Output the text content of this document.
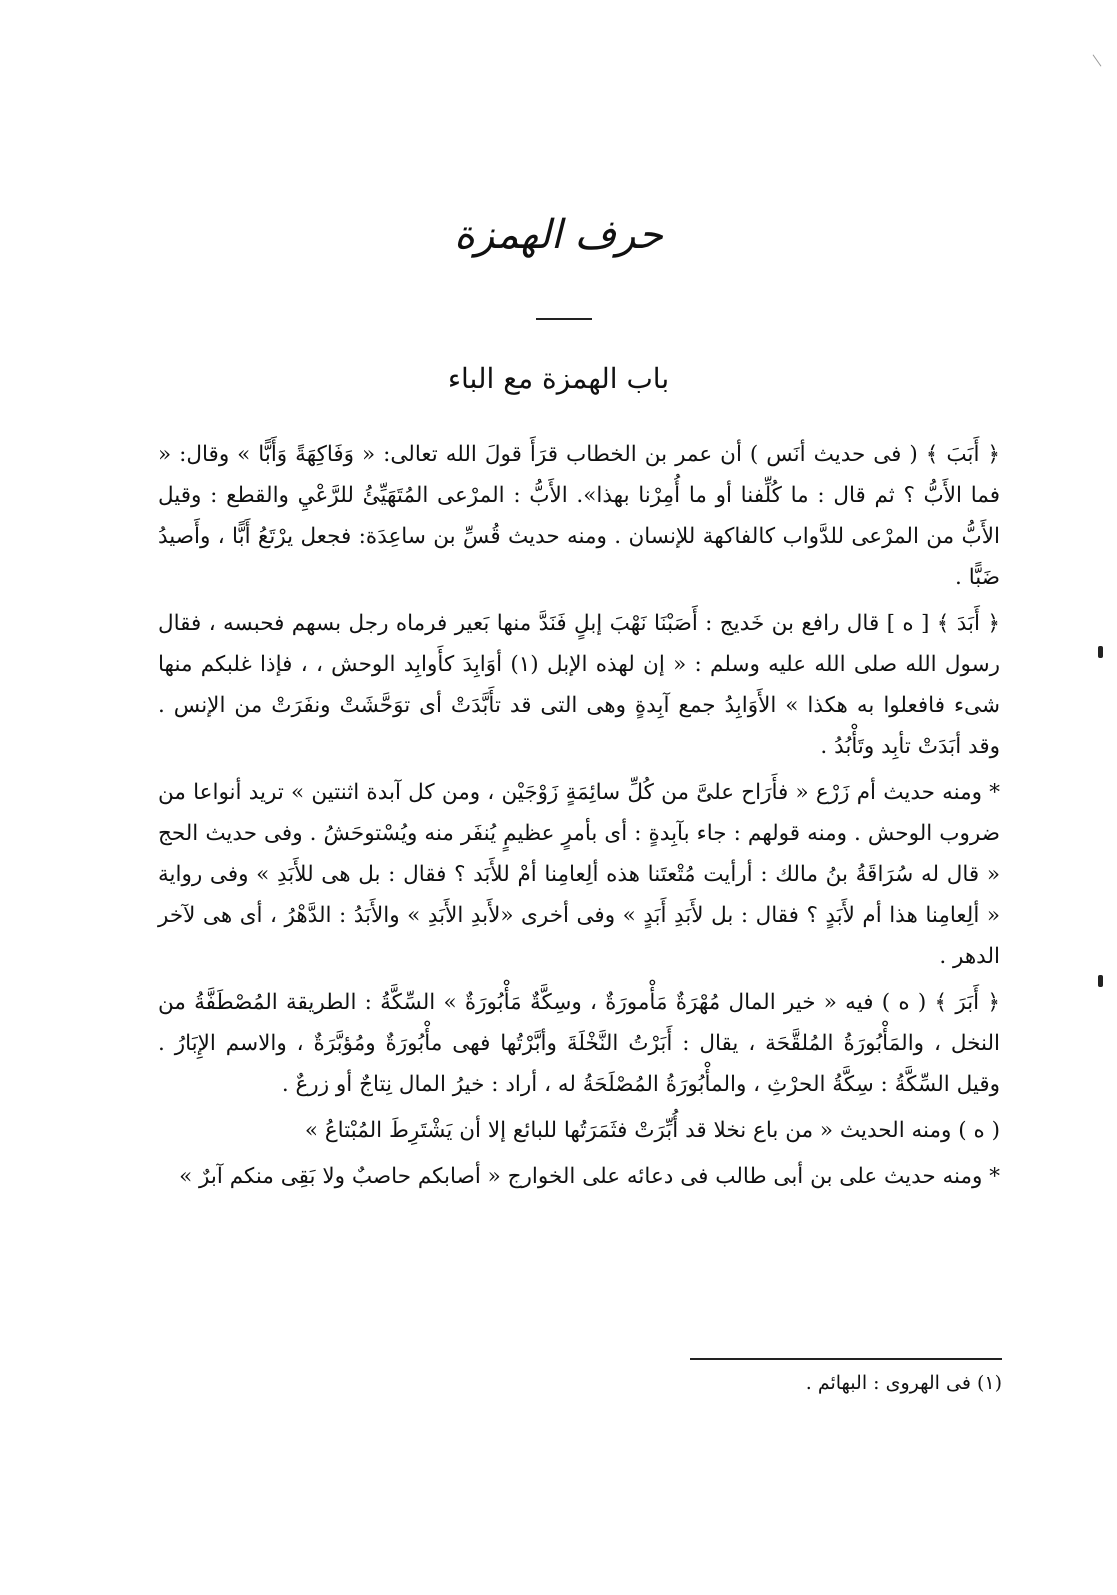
حرف الهمزة
باب الهمزة مع الباء

﴿ أَبَبَ ﴾ ( فى حديث أنَس ) أن عمر بن الخطاب قرَأَ قولَ الله تعالى: « وَفَاكِهَةً وَأَبًّا » وقال: « فما الأَبُّ ؟ ثم قال : ما كُلِّفنا أو ما أُمِرْنا بهذا». الأَبُّ : المرْعى المُتَهَيِّئُ للرَّعْيِ والقطع : وقيل الأَبُّ من المرْعى للدَّواب كالفاكهة للإنسان . ومنه حديث قُسِّ بن ساعِدَة: فجعل يرْتَعُ أَبًّا ، وأَصيدُ ضَبًّا .

﴿ أَبَدَ ﴾ [ ه ] قال رافع بن خَديج : أَصَبْنَا نَهْبَ إبلٍ فَنَدَّ منها بَعير فرماه رجل بسهم فحبسه ، فقال رسول الله صلى الله عليه وسلم : « إن لهذه الإبل (١) أوَابِدَ كأَوابِد الوحش ، ، فإذا غلبكم منها شىء فافعلوا به هكذا » الأَوَابِدُ جمع آبِدةٍ وهى التى قد تأَبَّدَتْ أى توَحَّشَتْ ونفَرَتْ من الإنس . وقد أبَدَتْ تأبِد وتَأْبُدُ .

* ومنه حديث أم زَرْع « فأَرَاح علىَّ من كُلِّ سائِمَةٍ زَوْجَيْن ، ومن كل آبدة اثنتين » تريد أنواعا من ضروب الوحش . ومنه قولهم : جاء بآبِدةٍ : أى بأمرٍ عظيمٍ يُنفَر منه ويُسْتوحَشُ . وفى حديث الحج « قال له سُرَاقَةُ بنُ مالك : أرأيت مُتْعتَنا هذه ألِعامِنا أمْ للأَبَد ؟ فقال : بل هى للأَبَدِ » وفى رواية « ألِعامِنا هذا أم لأَبَدٍ ؟ فقال : بل لأَبَدِ أَبَدٍ » وفى أخرى «لأَبدِ الأَبَدِ » والأَبَدُ : الدَّهْرُ ، أى هى لآخر الدهر .

﴿ أَبَرَ ﴾ ( ه ) فيه « خير المال مُهْرَةٌ مَأْمورَةٌ ، وسِكَّةٌ مَأْبُورَةٌ » السِّكَّةُ : الطريقة المُصْطَفَّةُ من النخل ، والمَأْبُورَةُ المُلقَّحَة ، يقال : أَبَرْتُ النَّخْلَةَ وأبَّرْتُها فهى مأْبُورَةٌ ومُؤبَّرَةٌ ، والاسم الإِبَارُ . وقيل السِّكَّةُ : سِكَّةُ الحرْثِ ، والمأْبُورَةُ المُصْلَحَةُ له ، أراد : خيرُ المال نِتاجٌ أو زرعٌ .

( ه ) ومنه الحديث « من باع نخلا قد أُبِّرَتْ فثَمَرَتُها للبائع إلا أن يَشْتَرِطَ المُبْتاعُ »

* ومنه حديث على بن أبى طالب فى دعائه على الخوارج « أصابكم حاصبٌ ولا بَقِى منكم آبرٌ »

(١) فى الهروى : البهائم .
